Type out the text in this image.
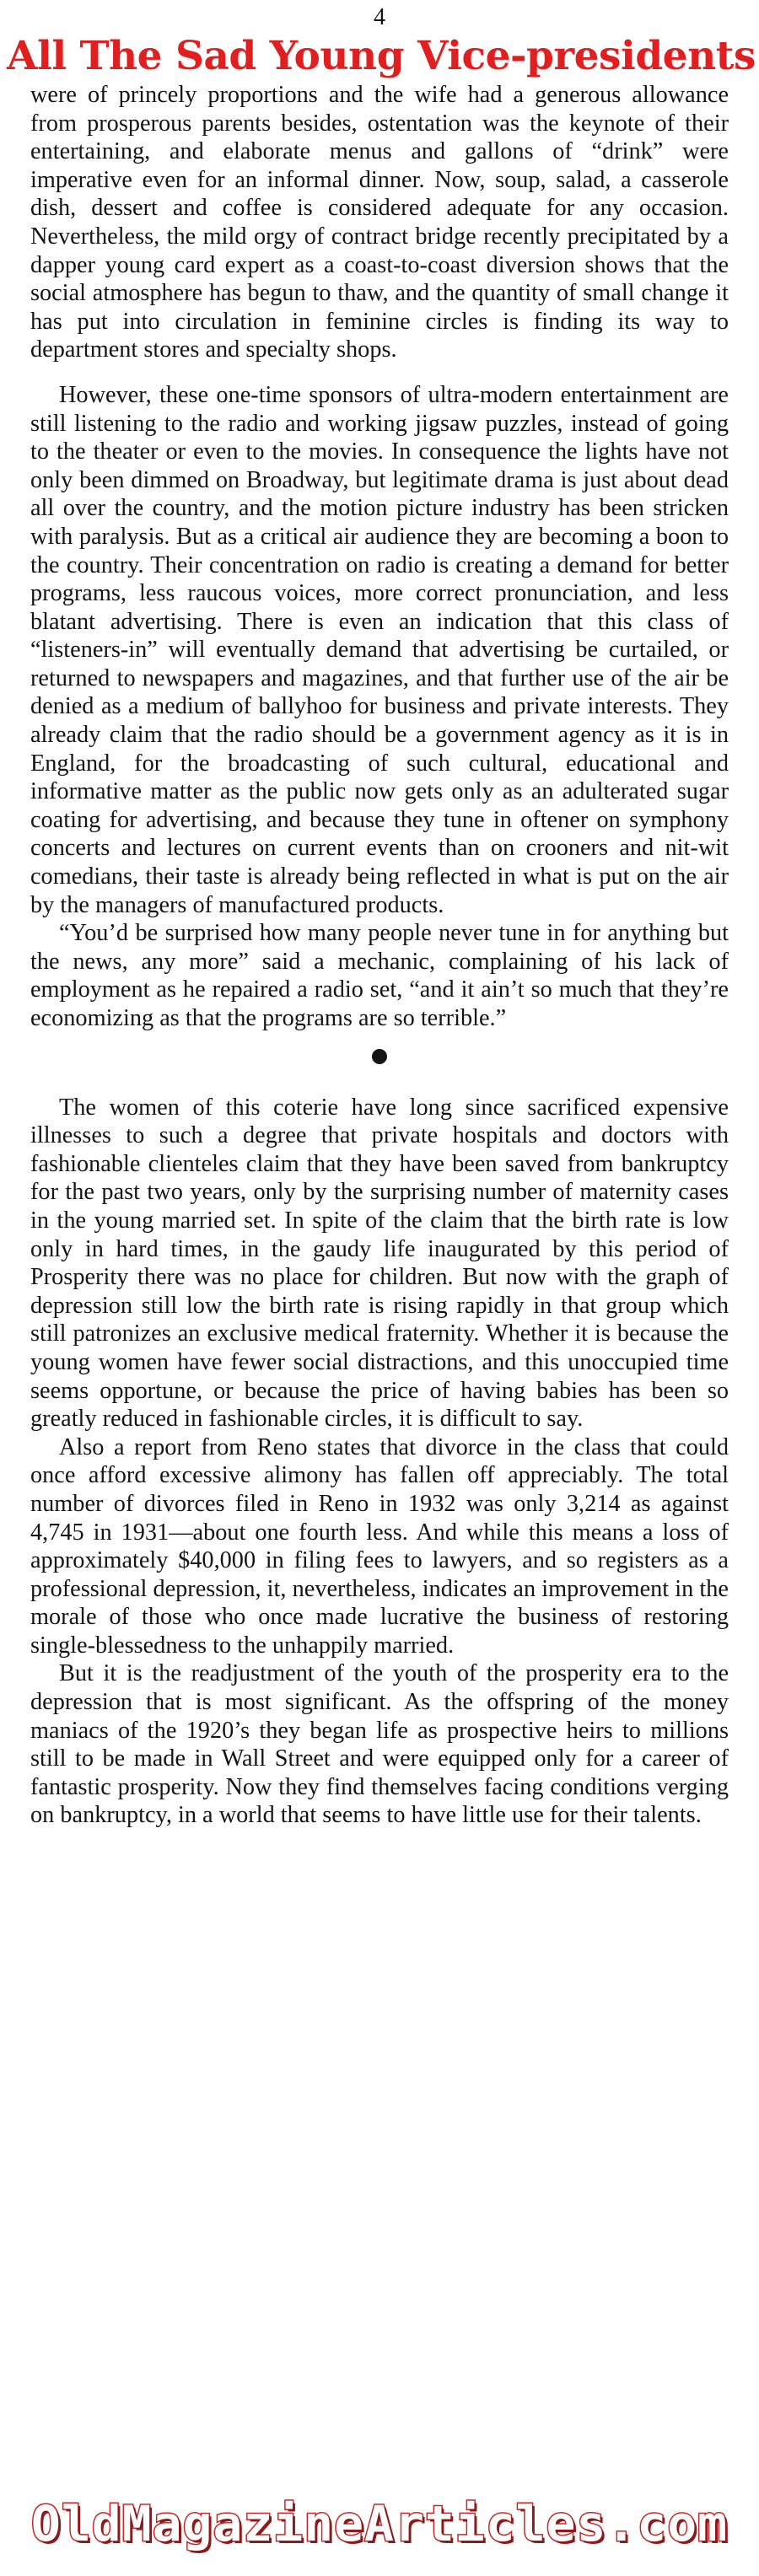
4
All The Sad Young Vice-presidents

were of princely proportions and the wife had a generous allowance from prosperous parents besides, ostentation was the keynote of their entertaining, and elaborate menus and gallons of “drink” were imperative even for an informal dinner. Now, soup, salad, a casserole dish, dessert and coffee is considered adequate for any occasion. Nevertheless, the mild orgy of contract bridge recently precipitated by a dapper young card expert as a coast-to-coast diversion shows that the social atmosphere has begun to thaw, and the quantity of small change it has put into circulation in feminine circles is finding its way to department stores and specialty shops.

However, these one-time sponsors of ultra-modern entertainment are still listening to the radio and working jigsaw puzzles, instead of going to the theater or even to the movies. In consequence the lights have not only been dimmed on Broadway, but legitimate drama is just about dead all over the country, and the motion picture industry has been stricken with paralysis. But as a critical air audience they are becoming a boon to the country. Their concentration on radio is creating a demand for better programs, less raucous voices, more correct pronunciation, and less blatant advertising. There is even an indication that this class of “listeners-in” will eventually demand that advertising be curtailed, or returned to newspapers and magazines, and that further use of the air be denied as a medium of ballyhoo for business and private interests. They already claim that the radio should be a government agency as it is in England, for the broadcasting of such cultural, educational and informative matter as the public now gets only as an adulterated sugar coating for advertising, and because they tune in oftener on symphony concerts and lectures on current events than on crooners and nit-wit comedians, their taste is already being reflected in what is put on the air by the managers of manufactured products.

“You’d be surprised how many people never tune in for anything but the news, any more” said a mechanic, complaining of his lack of employment as he repaired a radio set, “and it ain’t so much that they’re economizing as that the programs are so terrible.”

The women of this coterie have long since sacrificed expensive illnesses to such a degree that private hospitals and doctors with fashionable clienteles claim that they have been saved from bankruptcy for the past two years, only by the surprising number of maternity cases in the young married set. In spite of the claim that the birth rate is low only in hard times, in the gaudy life inaugurated by this period of Prosperity there was no place for children. But now with the graph of depression still low the birth rate is rising rapidly in that group which still patronizes an exclusive medical fraternity. Whether it is because the young women have fewer social distractions, and this unoccupied time seems opportune, or because the price of having babies has been so greatly reduced in fashionable circles, it is difficult to say.

Also a report from Reno states that divorce in the class that could once afford excessive alimony has fallen off appreciably. The total number of divorces filed in Reno in 1932 was only 3,214 as against 4,745 in 1931—about one fourth less. And while this means a loss of approximately $40,000 in filing fees to lawyers, and so registers as a professional depression, it, nevertheless, indicates an improvement in the morale of those who once made lucrative the business of restoring single-blessedness to the unhappily married.

But it is the readjustment of the youth of the prosperity era to the depression that is most significant. As the offspring of the money maniacs of the 1920’s they began life as prospective heirs to millions still to be made in Wall Street and were equipped only for a career of fantastic prosperity. Now they find themselves facing conditions verging on bankruptcy, in a world that seems to have little use for their talents.

OldMagazineArticles.com
